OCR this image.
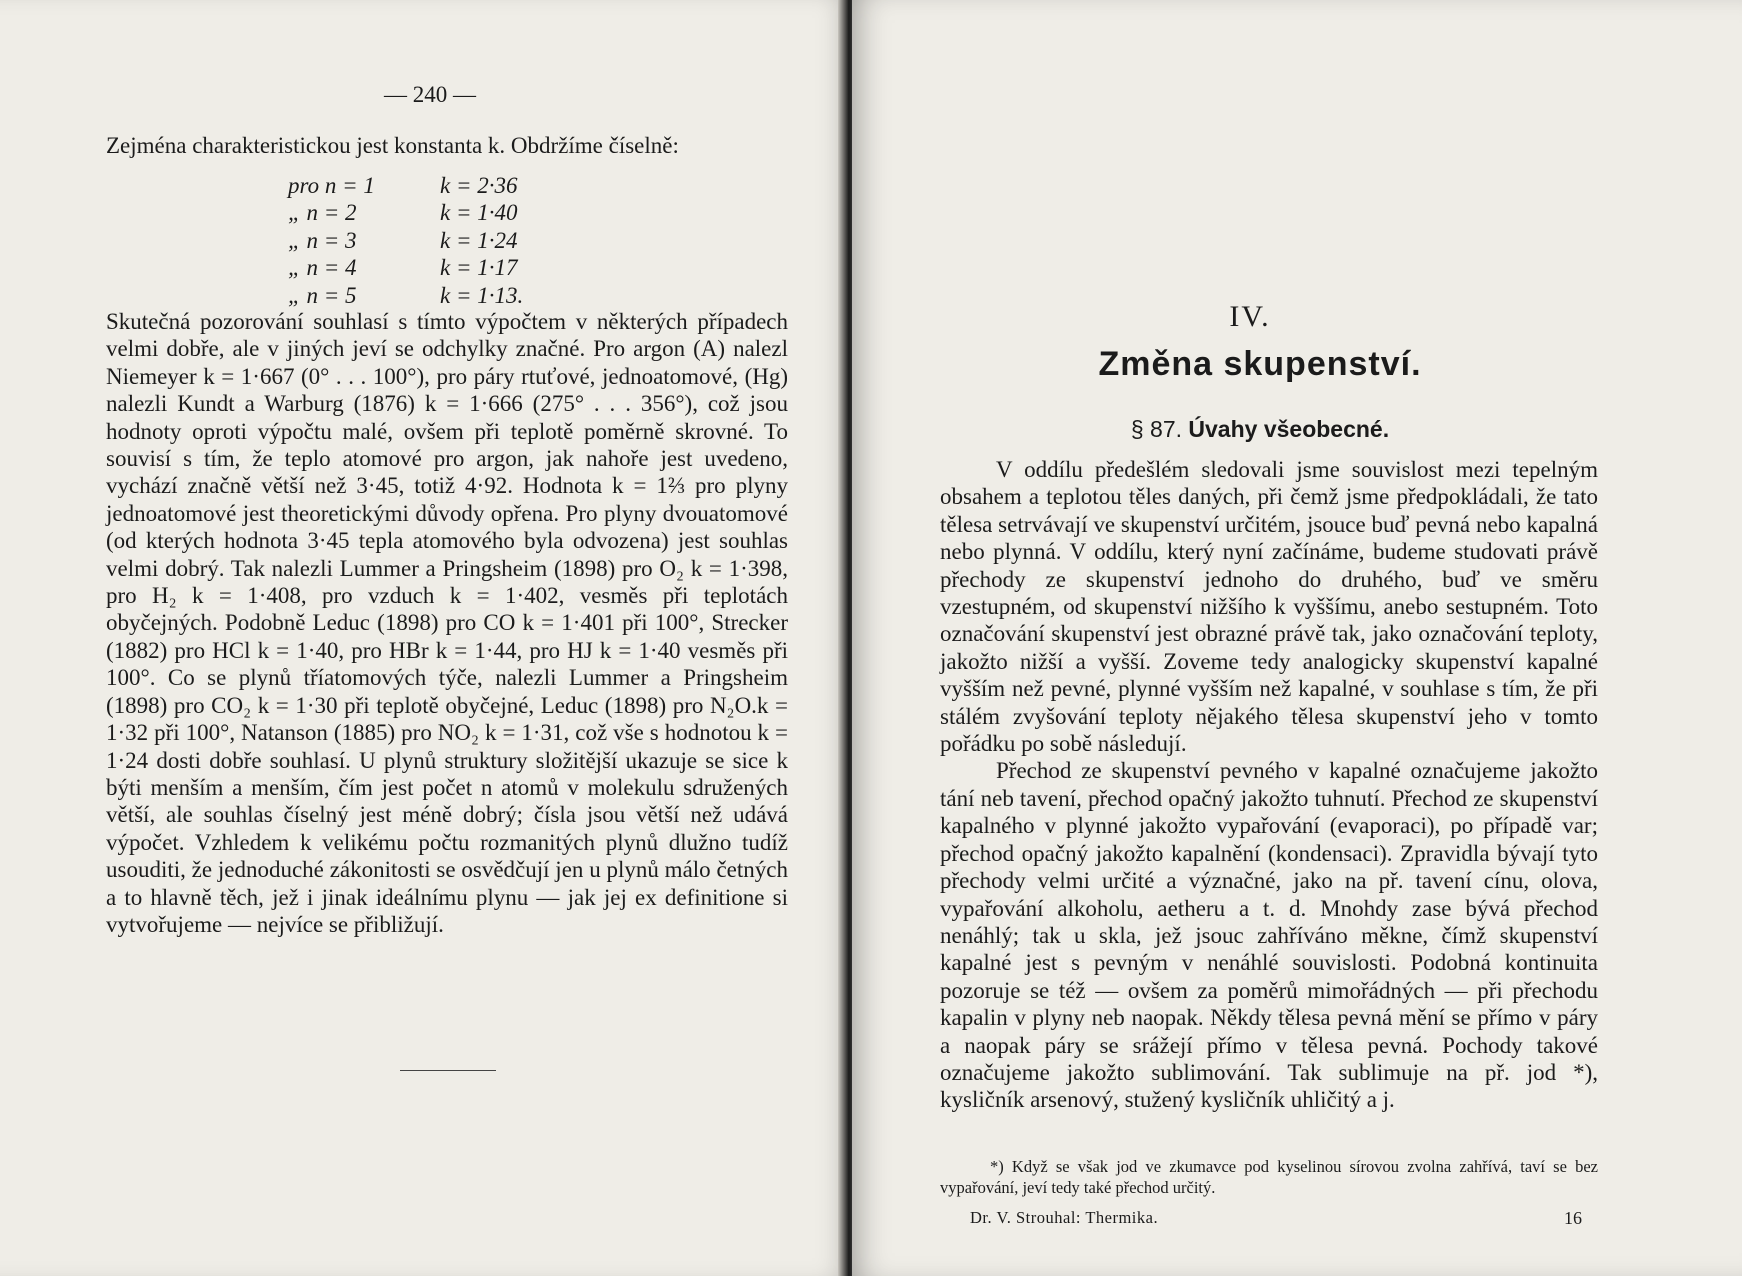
— 240 —
Zejména charakteristickou jest konstanta k. Obdržíme číselně:
pro n = 1	k = 2·36
„ n = 2	k = 1·40
„ n = 3	k = 1·24
„ n = 4	k = 1·17
„ n = 5	k = 1·13.
Skutečná pozorování souhlasí s tímto výpočtem v některých případech velmi dobře, ale v jiných jeví se odchylky značné. Pro argon (A) nalezl Niemeyer k = 1·667 (0° . . . 100°), pro páry rtuťové, jednoatomové, (Hg) nalezli Kundt a Warburg (1876) k = 1·666 (275° . . . 356°), což jsou hodnoty oproti výpočtu malé, ovšem při teplotě poměrně skrovné. To souvisí s tím, že teplo atomové pro argon, jak nahoře jest uvedeno, vychází značně větší než 3·45, totiž 4·92. Hodnota k = 1⅔ pro plyny jednoatomové jest theoretickými důvody opřena. Pro plyny dvouatomové (od kterých hodnota 3·45 tepla atomového byla odvozena) jest souhlas velmi dobrý. Tak nalezli Lummer a Pringsheim (1898) pro O₂ k = 1·398, pro H₂ k = 1·408, pro vzduch k = 1·402, vesměs při teplotách obyčejných. Podobně Leduc (1898) pro CO k = 1·401 při 100°, Strecker (1882) pro HCl k = 1·40, pro HBr k = 1·44, pro HJ k = 1·40 vesměs při 100°. Co se plynů tříatomových týče, nalezli Lummer a Pringsheim (1898) pro CO₂ k = 1·30 při teplotě obyčejné, Leduc (1898) pro N₂O.k = 1·32 při 100°, Natanson (1885) pro NO₂ k = 1·31, což vše s hodnotou k = 1·24 dosti dobře souhlasí. U plynů struktury složitější ukazuje se sice k býti menším a menším, čím jest počet n atomů v molekulu sdružených větší, ale souhlas číselný jest méně dobrý; čísla jsou větší než udává výpočet. Vzhledem k velikému počtu rozmanitých plynů dlužno tudíž usouditi, že jednoduché zákonitosti se osvědčují jen u plynů málo četných a to hlavně těch, jež i jinak ideálnímu plynu — jak jej ex definitione si vytvořujeme — nejvíce se přibližují.
IV.
Změna skupenství.
§ 87. Úvahy všeobecné.

V oddílu předešlém sledovali jsme souvislost mezi tepelným obsahem a teplotou těles daných, při čemž jsme předpokládali, že tato tělesa setrvávají ve skupenství určitém, jsouce buď pevná nebo kapalná nebo plynná. V oddílu, který nyní začínáme, budeme studovati právě přechody ze skupenství jednoho do druhého, buď ve směru vzestupném, od skupenství nižšího k vyššímu, anebo sestupném. Toto označování skupenství jest obrazné právě tak, jako označování teploty, jakožto nižší a vyšší. Zoveme tedy analogicky skupenství kapalné vyšším než pevné, plynné vyšším než kapalné, v souhlase s tím, že při stálém zvyšování teploty nějakého tělesa skupenství jeho v tomto pořádku po sobě následují.

Přechod ze skupenství pevného v kapalné označujeme jakožto tání neb tavení, přechod opačný jakožto tuhnutí. Přechod ze skupenství kapalného v plynné jakožto vypařování (evaporaci), po případě var; přechod opačný jakožto kapalnění (kondensaci). Zpravidla bývají tyto přechody velmi určité a význačné, jako na př. tavení cínu, olova, vypařování alkoholu, aetheru a t. d. Mnohdy zase bývá přechod nenáhlý; tak u skla, jež jsouc zahříváno měkne, čímž skupenství kapalné jest s pevným v nenáhlé souvislosti. Podobná kontinuita pozoruje se též — ovšem za poměrů mimořádných — při přechodu kapalin v plyny neb naopak. Někdy tělesa pevná mění se přímo v páry a naopak páry se srážejí přímo v tělesa pevná. Pochody takové označujeme jakožto sublimování. Tak sublimuje na př. jod *), kysličník arsenový, stužený kysličník uhličitý a j.

*) Když se však jod ve zkumavce pod kyselinou sírovou zvolna zahřívá, taví se bez vypařování, jeví tedy také přechod určitý.

Dr. V. Strouhal: Thermika.	16
